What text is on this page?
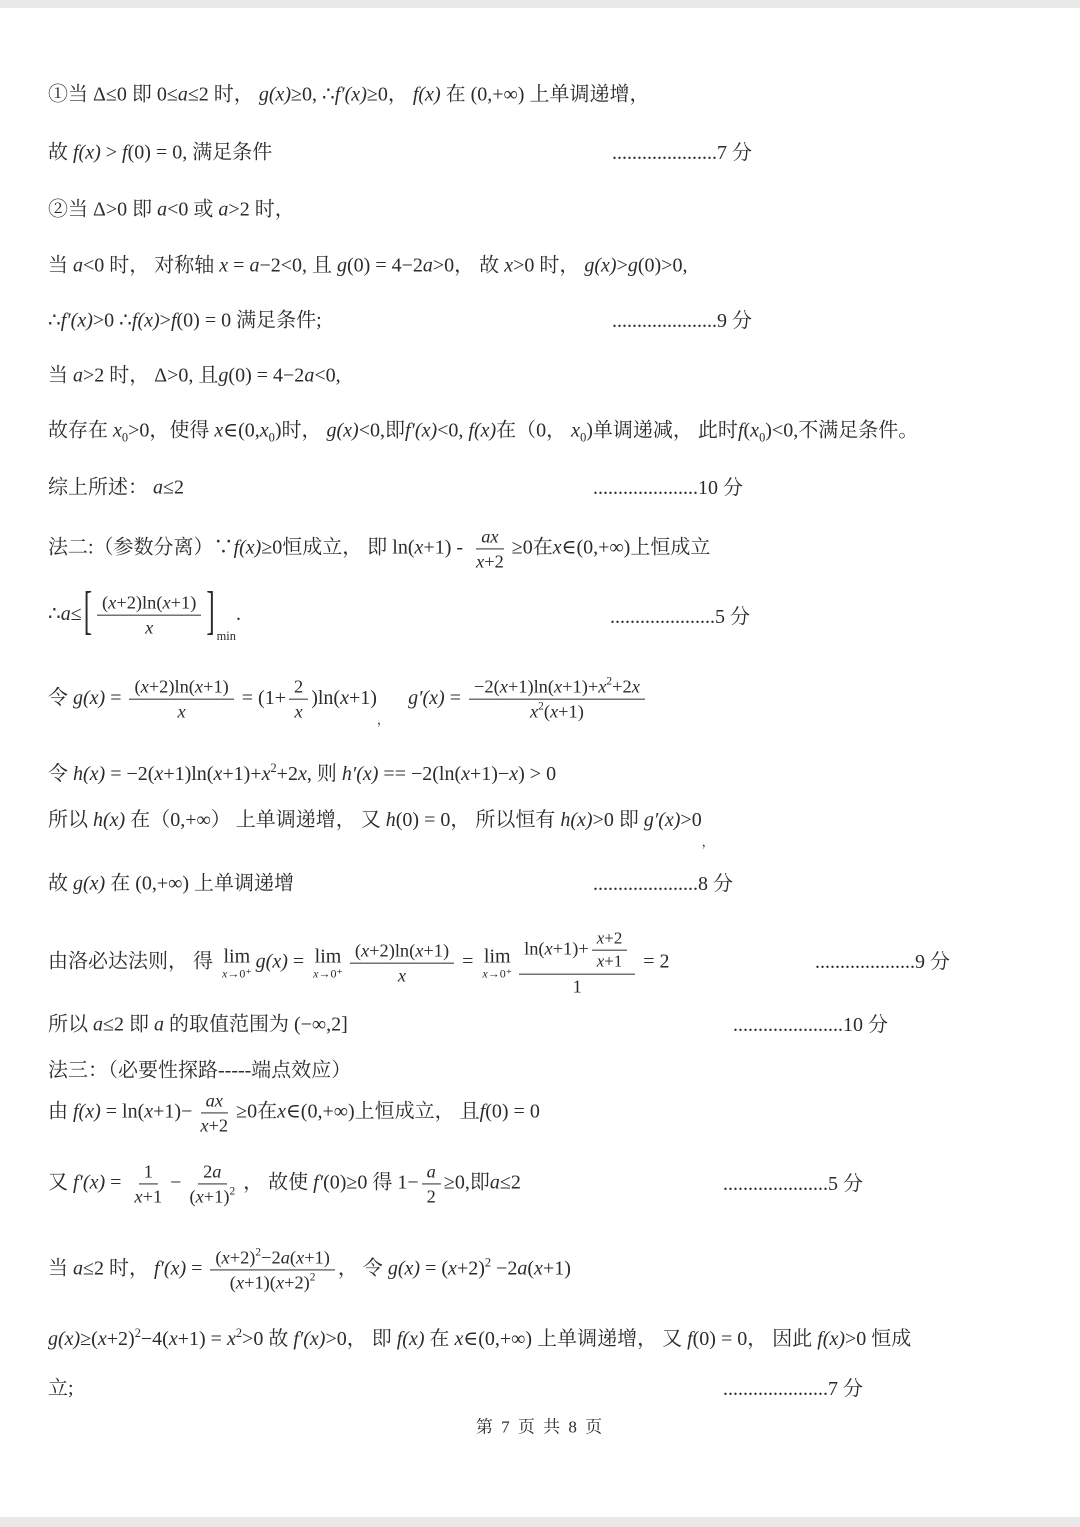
①当 Δ≤0 即 0≤a≤2 时， g(x)≥0, ∴f′(x)≥0， f(x) 在 (0,+∞) 上单调递增，
故 f(x) > f(0) = 0, 满足条件	.....................7 分
②当 Δ>0 即 a<0 或 a>2 时，
当 a<0 时， 对称轴 x = a−2<0, 且 g(0) = 4−2a>0， 故 x>0 时， g(x)>g(0)>0,
∴f′(x)>0 ∴f(x)>f(0) = 0 满足条件;	.....................9 分
当 a>2 时， Δ>0, 且g(0) = 4−2a<0,
故存在 $x_0>0$，使得 $x\in(0,x_0)$时， g(x)<0,即f′(x)<0, f(x)在（0， $x_0$)单调递减， 此时$f(x_0)<0$,不满足条件。
综上所述： a≤2	.....................10 分
法二:（参数分离）∵f(x)≥0恒成立， 即 $\ln(x+1) - \frac{ax}{x+2} \ge 0$在x∈(0,+∞)上恒成立
∴a≤[ $\frac{(x+2)\ln(x+1)}{x}$ ] $_{min}$.	.....................5 分
令 $g(x) = \frac{(x+2)\ln(x+1)}{x} = (1+ \frac{2}{x} )\ln(x+1)_,$　 $g'(x) = \frac{-2(x+1)\ln(x+1)+x^2+2x}{x^2(x+1)}$
令 $h(x) = -2(x+1)\ln(x+1)+x^2+2x$, 则 h′(x) == −2(ln(x+1)−x) > 0
所以 h(x) 在（0,+∞） 上单调递增， 又 h(0) = 0， 所以恒有 h(x)>0 即 $g'(x)>0_,$
故 g(x) 在 (0,+∞) 上单调递增	.....................8 分
由洛必达法则， 得 lim
x→0⁺
g(x) = lim
$x\to 0^+ \frac{(x+2)\ln(x+1)}{x} = \lim$
$x\to 0^+ \frac{\ln(x+1)+ \frac{x+2}{x+1}}{1} = 2$	....................9 分
所以 a≤2 即 a 的取值范围为 (−∞,2]	......................10 分
法三：（必要性探路-----端点效应）
由 $f(x) = \ln(x+1)- \frac{ax}{x+2} \ge 0$在x∈(0,+∞)上恒成立， 且f(0) = 0
又 $f'(x) = \frac{1}{x+1} - \frac{2a}{(x+1)^2}$ ， 故使 f′(0)≥0 得 $1- \frac{a}{2} \ge 0$,即a≤2	.....................5 分
当 a≤2 时， $f'(x) = \frac{(x+2)^2-2a(x+1)}{(x+1)(x+2)^2}$ ， 令 $g(x) = (x+2)^2 -2a(x+1)$
$g(x)\ge(x+2)^2-4(x+1) = x^2>0$ 故 f′(x)>0， 即 f(x) 在 x∈(0,+∞) 上单调递增， 又 f(0) = 0， 因此 f(x)>0 恒成
立;	.....................7 分
第 7 页 共 8 页
